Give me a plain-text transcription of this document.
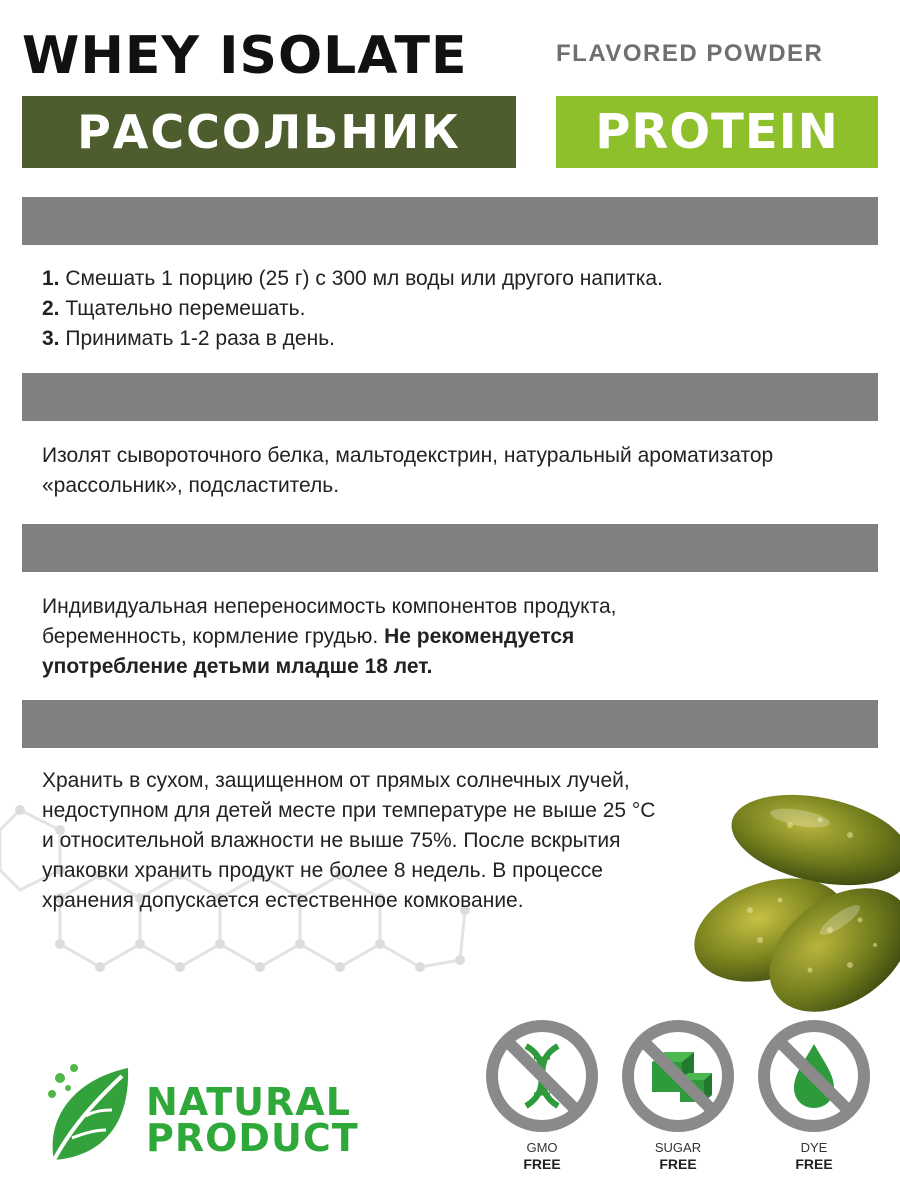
WHEY ISOLATE	FLAVORED POWDER
РАССОЛЬНИК	PROTEIN

1. Смешать 1 порцию (25 г) с 300 мл воды или другого напитка.

2. Тщательно перемешать.

3. Принимать 1-2 раза в день.

Изолят сывороточного белка, мальтодекстрин, натуральный ароматизатор «рассольник», подсластитель.
Индивидуальная непереносимость компонентов продукта, беременность, кормление грудью. Не рекомендуется употребление детьми младше 18 лет.

Хранить в сухом, защищенном от прямых солнечных лучей,

недоступном для детей месте при температуре не выше 25 °С

и относительной влажности не выше 75%. После вскрытия

упаковки хранить продукт не более 8 недель. В процессе

хранения допускается естественное комкование.

NATURAL
PRODUCT	GMO
FREE
SUGAR
FREE
DYE
FREE
